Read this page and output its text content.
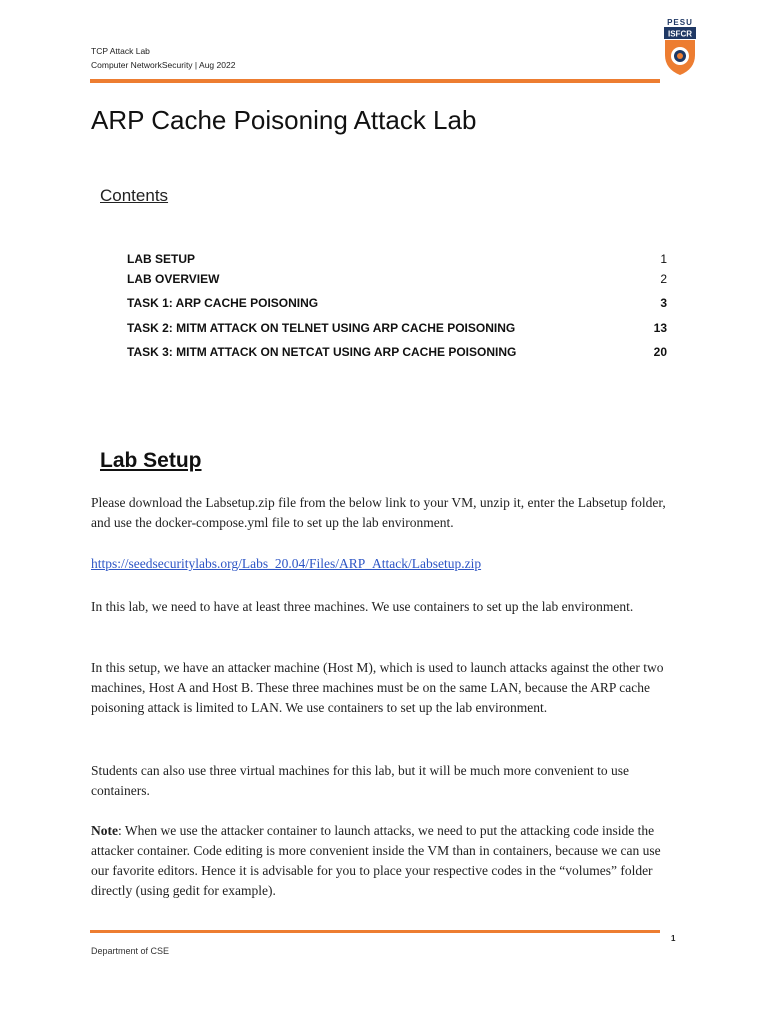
TCP Attack Lab
Computer NetworkSecurity | Aug 2022
PESU
ISFCR
ARP Cache Poisoning Attack Lab
Contents
LAB SETUP	1
LAB OVERVIEW	2
TASK 1: ARP CACHE POISONING	3
TASK 2: MITM ATTACK ON TELNET USING ARP CACHE POISONING	13
TASK 3: MITM ATTACK ON NETCAT USING ARP CACHE POISONING	20
Lab Setup
Please download the Labsetup.zip file from the below link to your VM, unzip it, enter the Labsetup folder, and use the docker-compose.yml file to set up the lab environment.
https://seedsecuritylabs.org/Labs_20.04/Files/ARP_Attack/Labsetup.zip
In this lab, we need to have at least three machines. We use containers to set up the lab environment.
In this setup, we have an attacker machine (Host M), which is used to launch attacks against the other two machines, Host A and Host B. These three machines must be on the same LAN, because the ARP cache poisoning attack is limited to LAN. We use containers to set up the lab environment.
Students can also use three virtual machines for this lab, but it will be much more convenient to use containers.
Note: When we use the attacker container to launch attacks, we need to put the attacking code inside the attacker container. Code editing is more convenient inside the VM than in containers, because we can use our favorite editors. Hence it is advisable for you to place your respective codes in the “volumes” folder directly (using gedit for example).
1
Department of CSE
